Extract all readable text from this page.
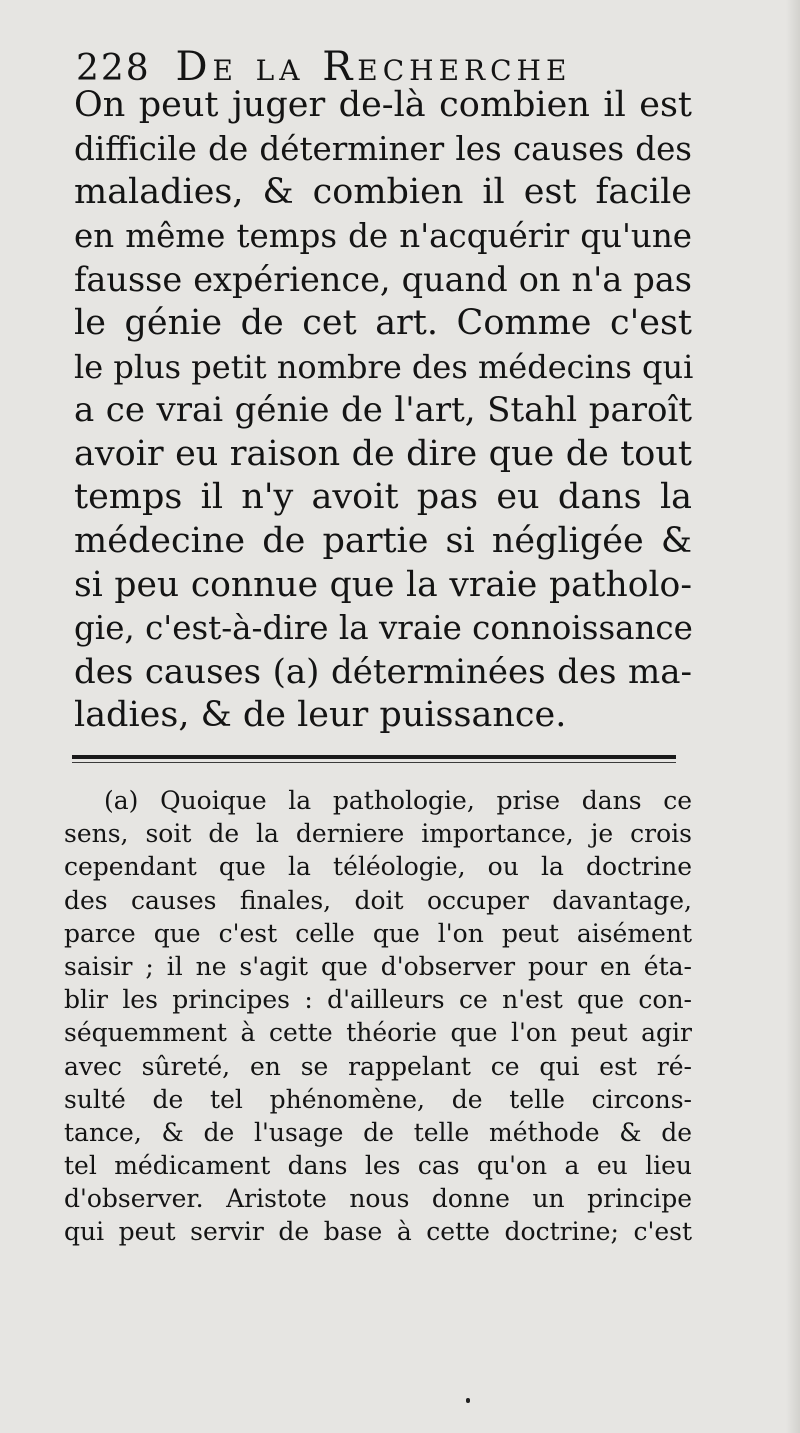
228 De la Recherche
On peut juger de-là combien il est
difficile de déterminer les causes des
maladies, & combien il est facile
en même temps de n'acquérir qu'une
fausse expérience, quand on n'a pas
le génie de cet art. Comme c'est
le plus petit nombre des médecins qui
a ce vrai génie de l'art, Stahl paroît
avoir eu raison de dire que de tout
temps il n'y avoit pas eu dans la
médecine de partie si négligée &
si peu connue que la vraie patholo-
gie, c'est-à-dire la vraie connoissance
des causes (a) déterminées des ma-
ladies, & de leur puissance.
(a) Quoique la pathologie, prise dans ce
sens, soit de la derniere importance, je crois
cependant que la téléologie, ou la doctrine
des causes finales, doit occuper davantage,
parce que c'est celle que l'on peut aisément
saisir ; il ne s'agit que d'observer pour en éta-
blir les principes : d'ailleurs ce n'est que con-
séquemment à cette théorie que l'on peut agir
avec sûreté, en se rappelant ce qui est ré-
sulté de tel phénomène, de telle circons-
tance, & de l'usage de telle méthode & de
tel médicament dans les cas qu'on a eu lieu
d'observer. Aristote nous donne un principe
qui peut servir de base à cette doctrine; c'est
